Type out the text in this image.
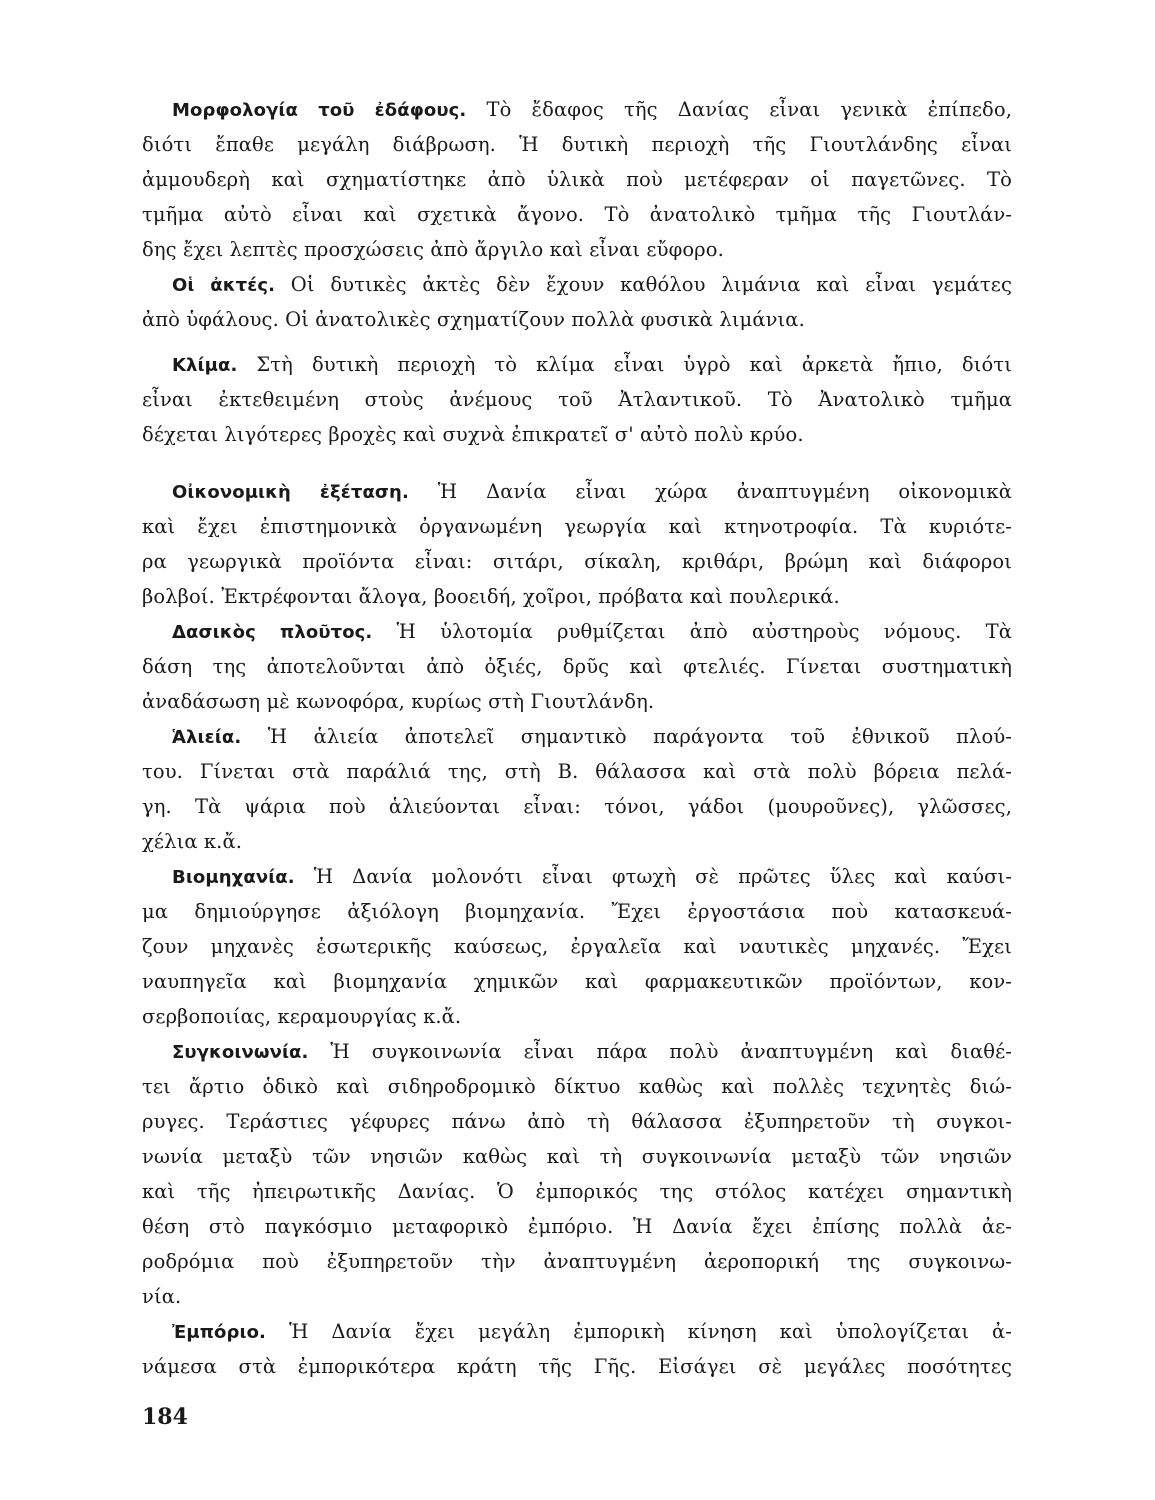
Μορφολογία τοῦ ἐδάφους. Τὸ ἔδαφος τῆς Δανίας εἶναι γενικὰ ἐπίπεδο,
διότι ἔπαθε μεγάλη διάβρωση. Ἡ δυτικὴ περιοχὴ τῆς Γιουτλάνδης εἶναι
ἀμμουδερὴ καὶ σχηματίστηκε ἀπὸ ὑλικὰ ποὺ μετέφεραν οἱ παγετῶνες. Τὸ
τμῆμα αὐτὸ εἶναι καὶ σχετικὰ ἄγονο. Τὸ ἀνατολικὸ τμῆμα τῆς Γιουτλάν-
δης ἔχει λεπτὲς προσχώσεις ἀπὸ ἄργιλο καὶ εἶναι εὔφορο.
Οἱ ἀκτές. Οἱ δυτικὲς ἀκτὲς δὲν ἔχουν καθόλου λιμάνια καὶ εἶναι γεμάτες
ἀπὸ ὑφάλους. Οἱ ἀνατολικὲς σχηματίζουν πολλὰ φυσικὰ λιμάνια.
Κλίμα. Στὴ δυτικὴ περιοχὴ τὸ κλίμα εἶναι ὑγρὸ καὶ ἀρκετὰ ἤπιο, διότι
εἶναι ἐκτεθειμένη στοὺς ἀνέμους τοῦ Ἀτλαντικοῦ. Τὸ Ἀνατολικὸ τμῆμα
δέχεται λιγότερες βροχὲς καὶ συχνὰ ἐπικρατεῖ σ' αὐτὸ πολὺ κρύο.
Οἰκονομικὴ ἐξέταση. Ἡ Δανία εἶναι χώρα ἀναπτυγμένη οἰκονομικὰ
καὶ ἔχει ἐπιστημονικὰ ὀργανωμένη γεωργία καὶ κτηνοτροφία. Τὰ κυριότε-
ρα γεωργικὰ προϊόντα εἶναι: σιτάρι, σίκαλη, κριθάρι, βρώμη καὶ διάφοροι
βολβοί. Ἐκτρέφονται ἄλογα, βοοειδή, χοῖροι, πρόβατα καὶ πουλερικά.
Δασικὸς πλοῦτος. Ἡ ὑλοτομία ρυθμίζεται ἀπὸ αὐστηροὺς νόμους. Τὰ
δάση της ἀποτελοῦνται ἀπὸ ὀξιές, δρῦς καὶ φτελιές. Γίνεται συστηματικὴ
ἀναδάσωση μὲ κωνοφόρα, κυρίως στὴ Γιουτλάνδη.
Ἁλιεία. Ἡ ἁλιεία ἀποτελεῖ σημαντικὸ παράγοντα τοῦ ἐθνικοῦ πλού-
του. Γίνεται στὰ παράλιά της, στὴ Β. θάλασσα καὶ στὰ πολὺ βόρεια πελά-
γη. Τὰ ψάρια ποὺ ἁλιεύονται εἶναι: τόνοι, γάδοι (μουροῦνες), γλῶσσες,
χέλια κ.ἄ.
Βιομηχανία. Ἡ Δανία μολονότι εἶναι φτωχὴ σὲ πρῶτες ὕλες καὶ καύσι-
μα δημιούργησε ἀξιόλογη βιομηχανία. Ἔχει ἐργοστάσια ποὺ κατασκευά-
ζουν μηχανὲς ἐσωτερικῆς καύσεως, ἐργαλεῖα καὶ ναυτικὲς μηχανές. Ἔχει
ναυπηγεῖα καὶ βιομηχανία χημικῶν καὶ φαρμακευτικῶν προϊόντων, κον-
σερβοποιίας, κεραμουργίας κ.ἄ.
Συγκοινωνία. Ἡ συγκοινωνία εἶναι πάρα πολὺ ἀναπτυγμένη καὶ διαθέ-
τει ἄρτιο ὁδικὸ καὶ σιδηροδρομικὸ δίκτυο καθὼς καὶ πολλὲς τεχνητὲς διώ-
ρυγες. Τεράστιες γέφυρες πάνω ἀπὸ τὴ θάλασσα ἐξυπηρετοῦν τὴ συγκοι-
νωνία μεταξὺ τῶν νησιῶν καθὼς καὶ τὴ συγκοινωνία μεταξὺ τῶν νησιῶν
καὶ τῆς ἠπειρωτικῆς Δανίας. Ὁ ἐμπορικός της στόλος κατέχει σημαντικὴ
θέση στὸ παγκόσμιο μεταφορικὸ ἐμπόριο. Ἡ Δανία ἔχει ἐπίσης πολλὰ ἀε-
ροδρόμια ποὺ ἐξυπηρετοῦν τὴν ἀναπτυγμένη ἀεροπορική της συγκοινω-
νία.
Ἐμπόριο. Ἡ Δανία ἔχει μεγάλη ἐμπορικὴ κίνηση καὶ ὑπολογίζεται ἀ-
νάμεσα στὰ ἐμπορικότερα κράτη τῆς Γῆς. Εἰσάγει σὲ μεγάλες ποσότητες
184
